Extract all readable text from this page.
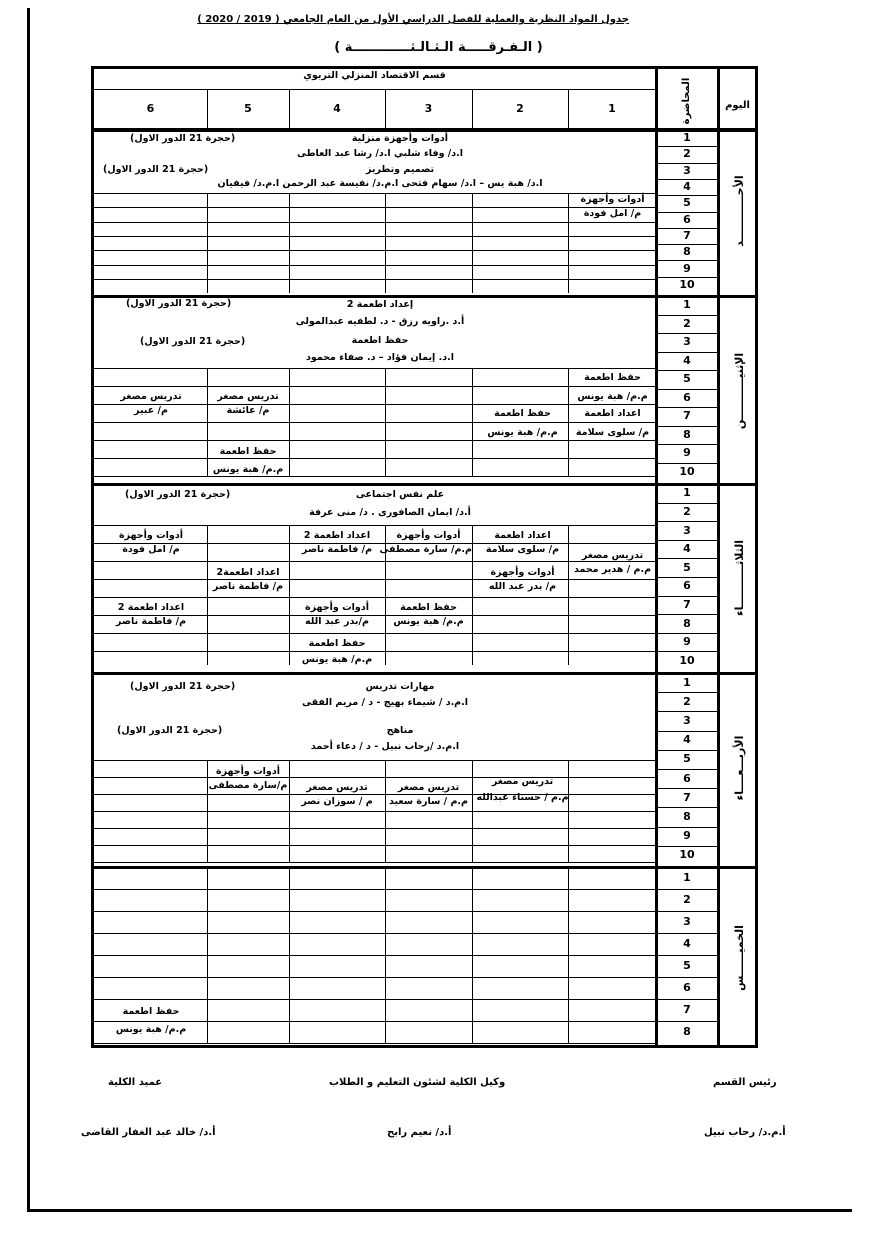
جدول المواد النظرية والعملية للفصل الدراسي الأول من العام الجامعي ( 2019 / 2020 )
( الـفـرقـــــة الـثـالـثـــــــــــــة )
1
2
3
4
5
6
7
8
9
10
1
2
3
4
5
6
7
8
9
10
1
2
3
4
5
6
7
8
9
10
1
2
3
4
5
6
7
8
9
10
1
2
3
4
5
6
7
8
قسم الاقتصاد المنزلي التربوي
1
2
3
4
5
6	المحاضرة	اليوم
الأحــــــــــــد
الإثنيـــــــــــن
الثلاثـــــــــــاء
الأربـــعــــاء
الخميــــــس
أدوات وأجهزة منزلية
ا.د/ وفاء شلبي ا.د/ رشا عبد العاطى
(حجرة 21 الدور الاول)
تصميم وتطريز
ا.د/ هبة يس – ا.د/ سهام فتحى ا.م.د/ نفيسة عبد الرحمن ا.م.د/ فيفيان
(حجرة 21 الدور الاول)
أدوات وأجهزة
م/ امل فودة
إعداد اطعمة 2
أ.د .راويه رزق - د. لطفيه عبدالمولى
(حجرة 21 الدور الاول)
حفظ اطعمة
ا.د. إيمان فؤاد – د. صفاء محمود
(حجرة 21 الدور الاول)
حفظ اطعمة
م.م/ هبة يونس
اعداد اطعمة
م/ سلوى سلامة
حفظ اطعمة
م.م/ هبة يونس
تدريس مصغر
م/ عائشة
تدريس مصغر
م/ عبير
حفظ اطعمة
م.م/ هبة يونس
علم نفس اجتماعى
أ.د/ ايمان الصافورى . د/ منى عرفة
(حجرة 21 الدور الاول)
تدريس مصغر
م.م / هدير محمد
اعداد اطعمة
م/ سلوى سلامة
أدوات وأجهزة
م/ بدر عبد الله
أدوات وأجهزة
م.م/ سارة مصطفى
حفظ اطعمة
م.م/ هبة يونس
اعداد اطعمة 2
م/ فاطمة ناصر
أدوات وأجهزة
م/بدر عبد الله
حفظ اطعمة
م.م/ هبة يونس
اعداد اطعمة2
م/ فاطمة ناصر
أدوات وأجهزة
م/ امل فودة
اعداد اطعمة 2
م/ فاطمة ناصر
مهارات تدريس
ا.م.د / شيماء بهيج - د / مريم الفقى
(حجرة 21 الدور الاول)
مناهج
ا.م.د /رحاب نبيل - د / دعاء أحمد
(حجرة 21 الدور الاول)
تدريس مصغر
م.م / حسناء عبدالله
تدريس مصغر
م.م / سارة سعيد
تدريس مصغر
م / سوزان نصر
أدوات وأجهزة
م/سارة مصطفى
حفظ اطعمة
م.م/ هبة يونس
رئيس القسم
أ.م.د/ رحاب نبيل
وكيل الكلية لشئون التعليم و الطلاب
أ.د/ نعيم رابح
عميد الكلية
أ.د/ خالد عبد الغفار القاضى
